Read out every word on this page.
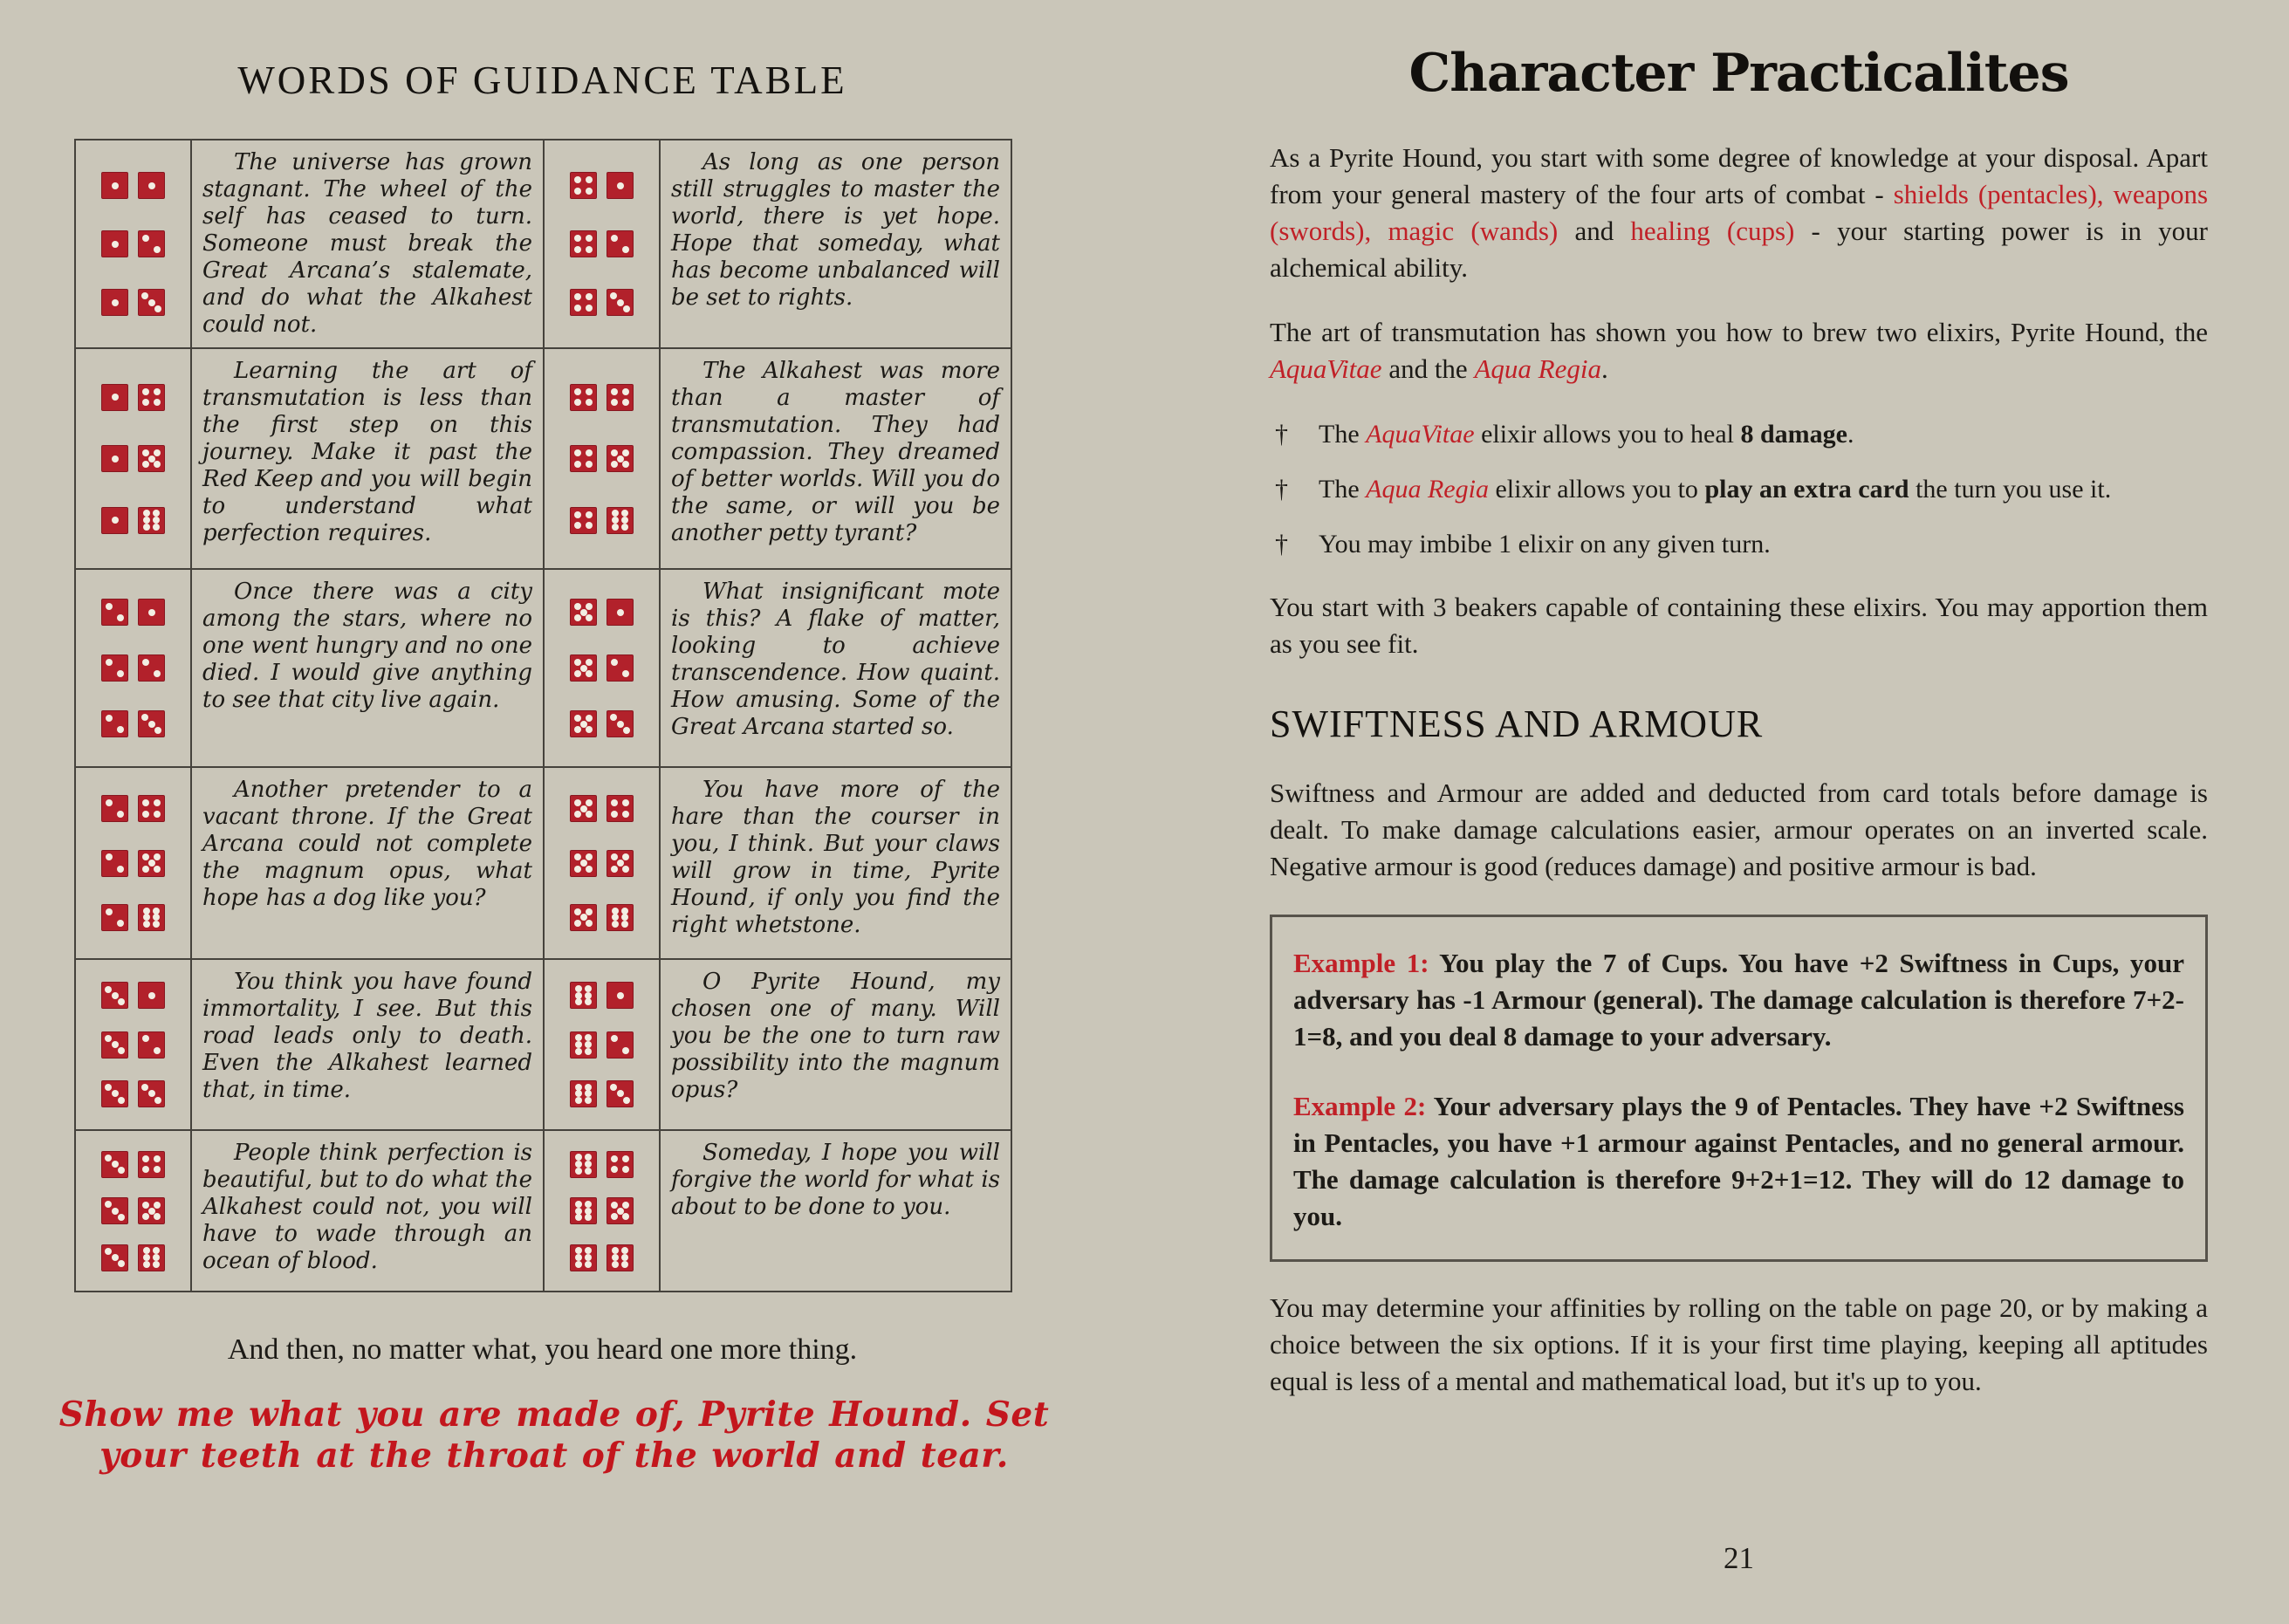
WORDS OF GUIDANCE TABLE

	The universe has grown stagnant. The wheel of the self has ceased to turn. Someone must break the Great Arcana’s stalemate, and do what the Alkahest could not.		As long as one person still struggles to master the world, there is yet hope. Hope that someday, what has become unbalanced will be set to rights.

	Learning the art of transmutation is less than the first step on this journey. Make it past the Red Keep and you will begin to understand what perfection requires.		The Alkahest was more than a master of transmutation. They had compassion. They dreamed of better worlds. Will you do the same, or will you be another petty tyrant?

	Once there was a city among the stars, where no one went hungry and no one died. I would give anything to see that city live again.		What insignificant mote is this? A flake of matter, looking to achieve transcendence. How quaint. How amusing. Some of the Great Arcana started so.

	Another pretender to a vacant throne. If the Great Arcana could not complete the magnum opus, what hope has a dog like you?		You have more of the hare than the courser in you, I think. But your claws will grow in time, Pyrite Hound, if only you find the right whetstone.

	You think you have found immortality, I see. But this road leads only to death. Even the Alkahest learned that, in time.		O Pyrite Hound, my chosen one of many. Will you be the one to turn raw possibility into the magnum opus?

	People think perfection is beautiful, but to do what the Alkahest could not, you will have to wade through an ocean of blood.		Someday, I hope you will forgive the world for what is about to be done to you.

And then, no matter what, you heard one more thing.

Show me what you are made of, Pyrite Hound. Set your teeth at the throat of the world and tear.

Character Practicalites

As a Pyrite Hound, you start with some degree of knowledge at your disposal. Apart from your general mastery of the four arts of combat - shields (pentacles), weapons (swords), magic (wands) and healing (cups) - your starting power is in your alchemical ability.

The art of transmutation has shown you how to brew two elixirs, Pyrite Hound, the AquaVitae and the Aqua Regia.

† The AquaVitae elixir allows you to heal 8 damage.
† The Aqua Regia elixir allows you to play an extra card the turn you use it.
† You may imbibe 1 elixir on any given turn.

You start with 3 beakers capable of containing these elixirs. You may apportion them as you see fit.

SWIFTNESS AND ARMOUR

Swiftness and Armour are added and deducted from card totals before damage is dealt. To make damage calculations easier, armour operates on an inverted scale. Negative armour is good (reduces damage) and positive armour is bad.

Example 1: You play the 7 of Cups. You have +2 Swiftness in Cups, your adversary has -1 Armour (general). The damage calculation is therefore 7+2-1=8, and you deal 8 damage to your adversary.

Example 2: Your adversary plays the 9 of Pentacles. They have +2 Swiftness in Pentacles, you have +1 armour against Pentacles, and no general armour. The damage calculation is therefore 9+2+1=12. They will do 12 damage to you.

You may determine your affinities by rolling on the table on page 20, or by making a choice between the six options. If it is your first time playing, keeping all aptitudes equal is less of a mental and mathematical load, but it's up to you.

21
